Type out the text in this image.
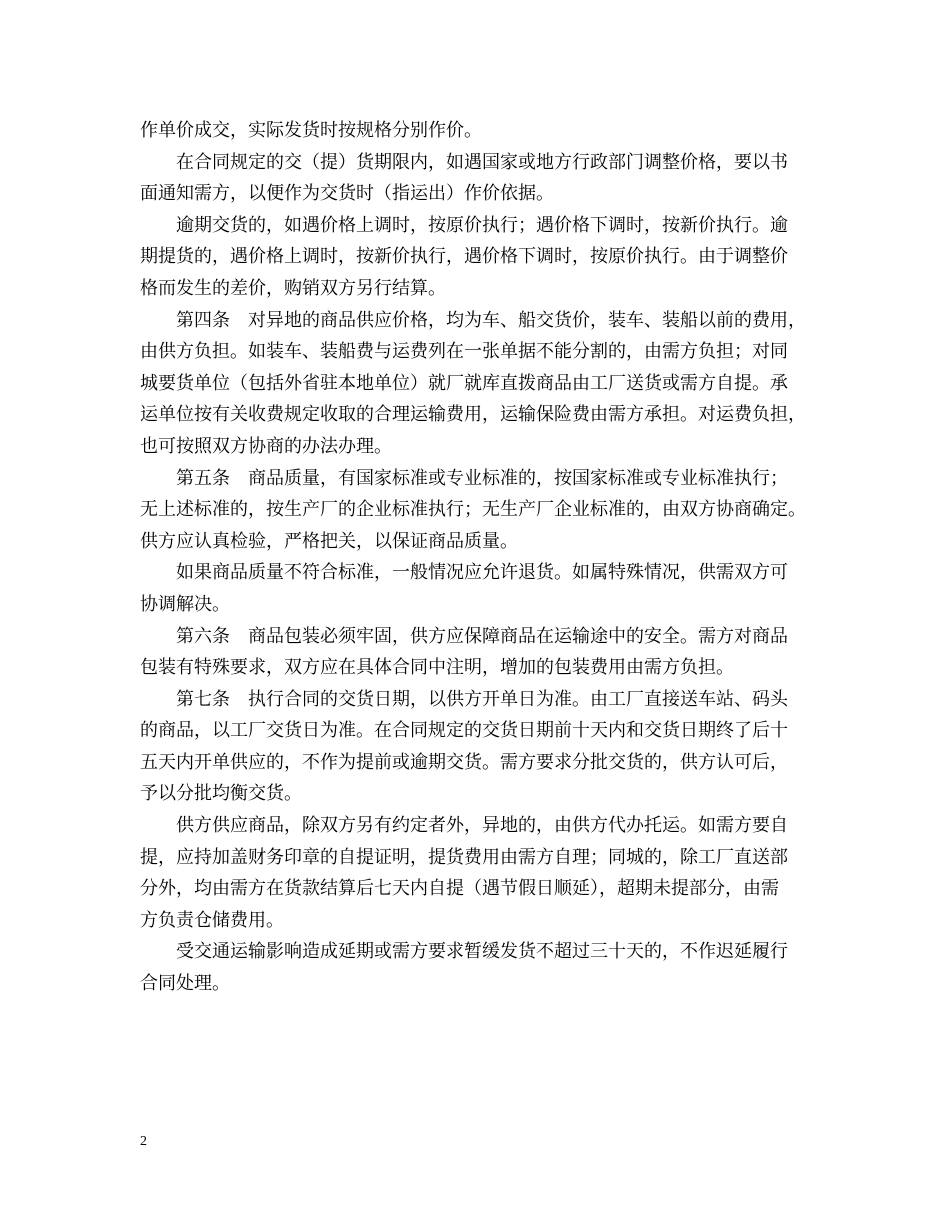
作单价成交，实际发货时按规格分别作价。
在合同规定的交（提）货期限内，如遇国家或地方行政部门调整价格，要以书
面通知需方，以便作为交货时（指运出）作价依据。
逾期交货的，如遇价格上调时，按原价执行；遇价格下调时，按新价执行。逾
期提货的，遇价格上调时，按新价执行，遇价格下调时，按原价执行。由于调整价
格而发生的差价，购销双方另行结算。
第四条　对异地的商品供应价格，均为车、船交货价，装车、装船以前的费用，
由供方负担。如装车、装船费与运费列在一张单据不能分割的，由需方负担；对同
城要货单位（包括外省驻本地单位）就厂就库直拨商品由工厂送货或需方自提。承
运单位按有关收费规定收取的合理运输费用，运输保险费由需方承担。对运费负担，
也可按照双方协商的办法办理。
第五条　商品质量，有国家标准或专业标准的，按国家标准或专业标准执行；
无上述标准的，按生产厂的企业标准执行；无生产厂企业标准的，由双方协商确定。
供方应认真检验，严格把关，以保证商品质量。
如果商品质量不符合标准，一般情况应允许退货。如属特殊情况，供需双方可
协调解决。
第六条　商品包装必须牢固，供方应保障商品在运输途中的安全。需方对商品
包装有特殊要求，双方应在具体合同中注明，增加的包装费用由需方负担。
第七条　执行合同的交货日期，以供方开单日为准。由工厂直接送车站、码头
的商品，以工厂交货日为准。在合同规定的交货日期前十天内和交货日期终了后十
五天内开单供应的，不作为提前或逾期交货。需方要求分批交货的，供方认可后，
予以分批均衡交货。
供方供应商品，除双方另有约定者外，异地的，由供方代办托运。如需方要自
提，应持加盖财务印章的自提证明，提货费用由需方自理；同城的，除工厂直送部
分外，均由需方在货款结算后七天内自提（遇节假日顺延），超期未提部分，由需
方负责仓储费用。
受交通运输影响造成延期或需方要求暂缓发货不超过三十天的，不作迟延履行
合同处理。
2
